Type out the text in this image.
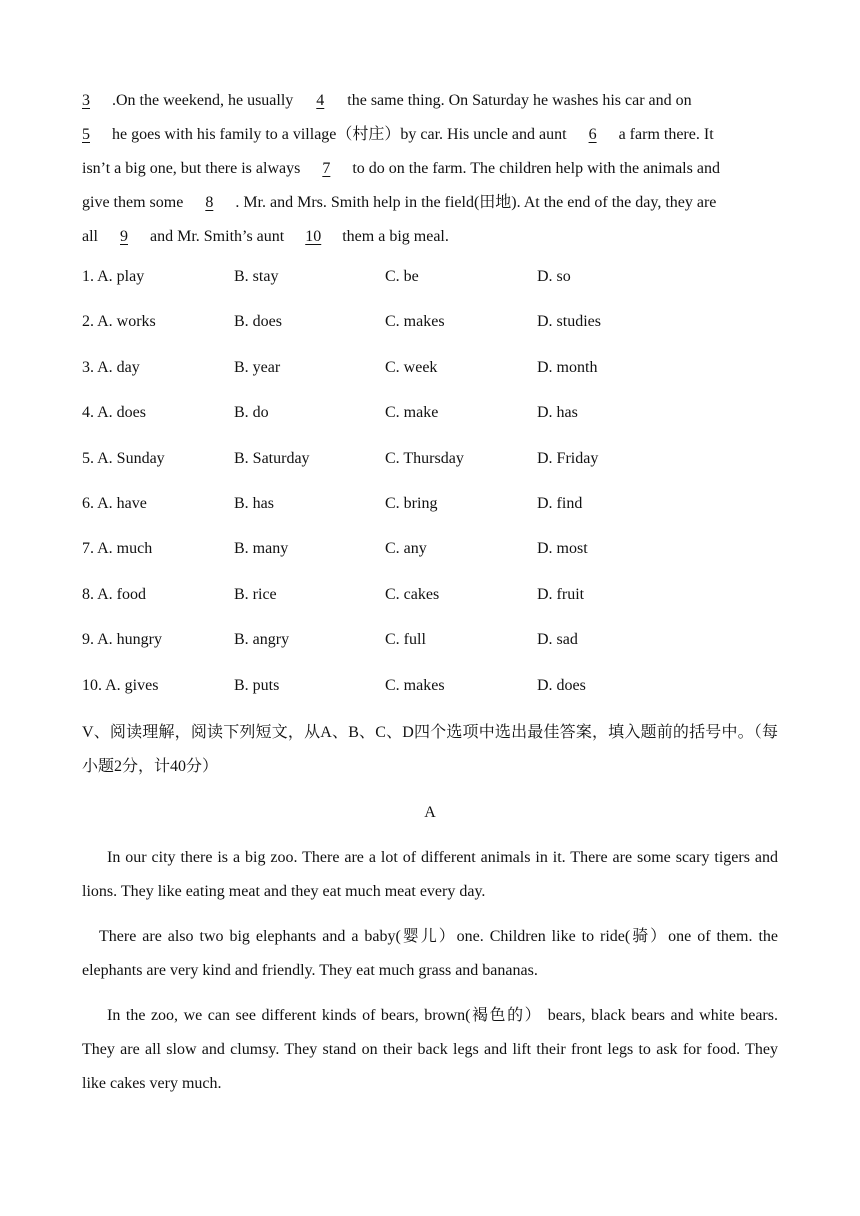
3 .On the weekend, he usually 4 the same thing. On Saturday he washes his car and on

5 he goes with his family to a village（村庄）by car. His uncle and aunt 6 a farm there. It

isn’t a big one, but there is always 7 to do on the farm. The children help with the animals and

give them some 8 . Mr. and Mrs. Smith help in the field(田地). At the end of the day, they are

all 9 and Mr. Smith’s aunt 10 them a big meal.

1. A. play	B. stay	C. be	D. so
2. A. works	B. does	C. makes	D. studies
3. A. day	B. year	C. week	D. month
4. A. does	B. do	C. make	D. has
5. A. Sunday	B. Saturday	C. Thursday	D. Friday
6. A. have	B. has	C. bring	D. find
7. A. much	B. many	C. any	D. most
8. A. food	B. rice	C. cakes	D. fruit
9. A. hungry	B. angry	C. full	D. sad
10. A. gives	B. puts	C. makes	D. does
V、阅读理解，阅读下列短文，从A、B、C、D四个选项中选出最佳答案，填入题前的括号中。（每小题2分，计40分）
A
In our city there is a big zoo. There are a lot of different animals in it. There are some scary tigers and lions. They like eating meat and they eat much meat every day.
There are also two big elephants and a baby(婴儿）one. Children like to ride(骑）one of them. the elephants are very kind and friendly. They eat much grass and bananas.
In the zoo, we can see different kinds of bears, brown(褐色的） bears, black bears and white bears. They are all slow and clumsy. They stand on their back legs and lift their front legs to ask for food. They like cakes very much.
